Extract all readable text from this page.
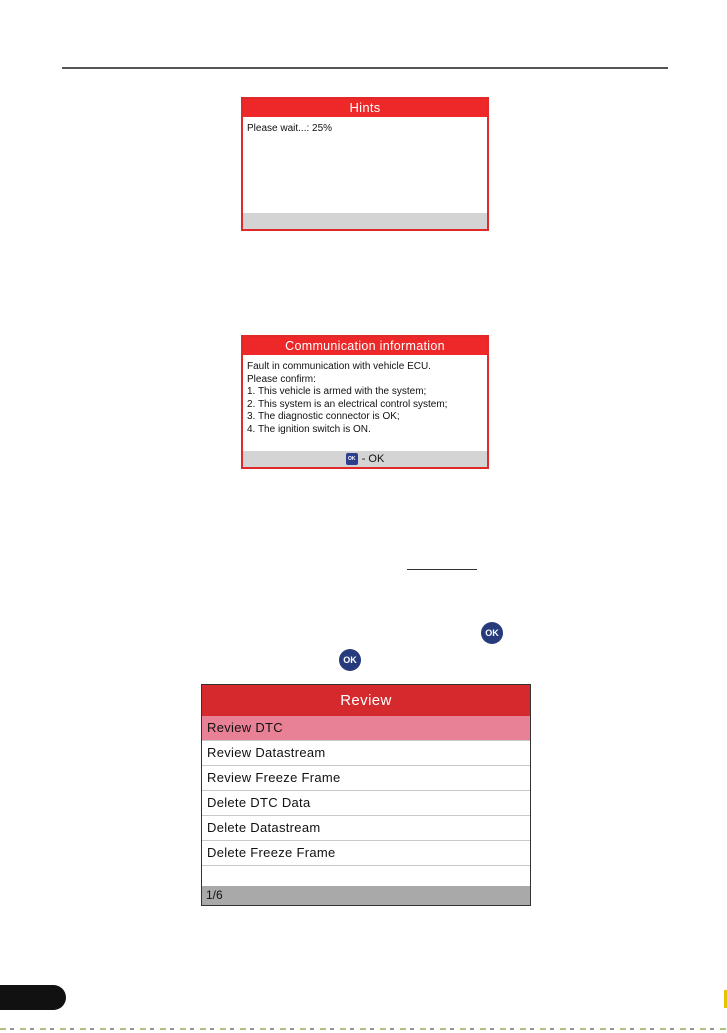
Hints
Please wait...: 25%
Communication information
Fault in communication with vehicle ECU.
Please confirm:
1. This vehicle is armed with the system;
2. This system is an electrical control system;
3. The diagnostic connector is OK;
4. The ignition switch is ON.
OK - OK
OK
OK
Review
Review DTC
Review Datastream
Review Freeze Frame
Delete DTC Data
Delete Datastream
Delete Freeze Frame
1/6
